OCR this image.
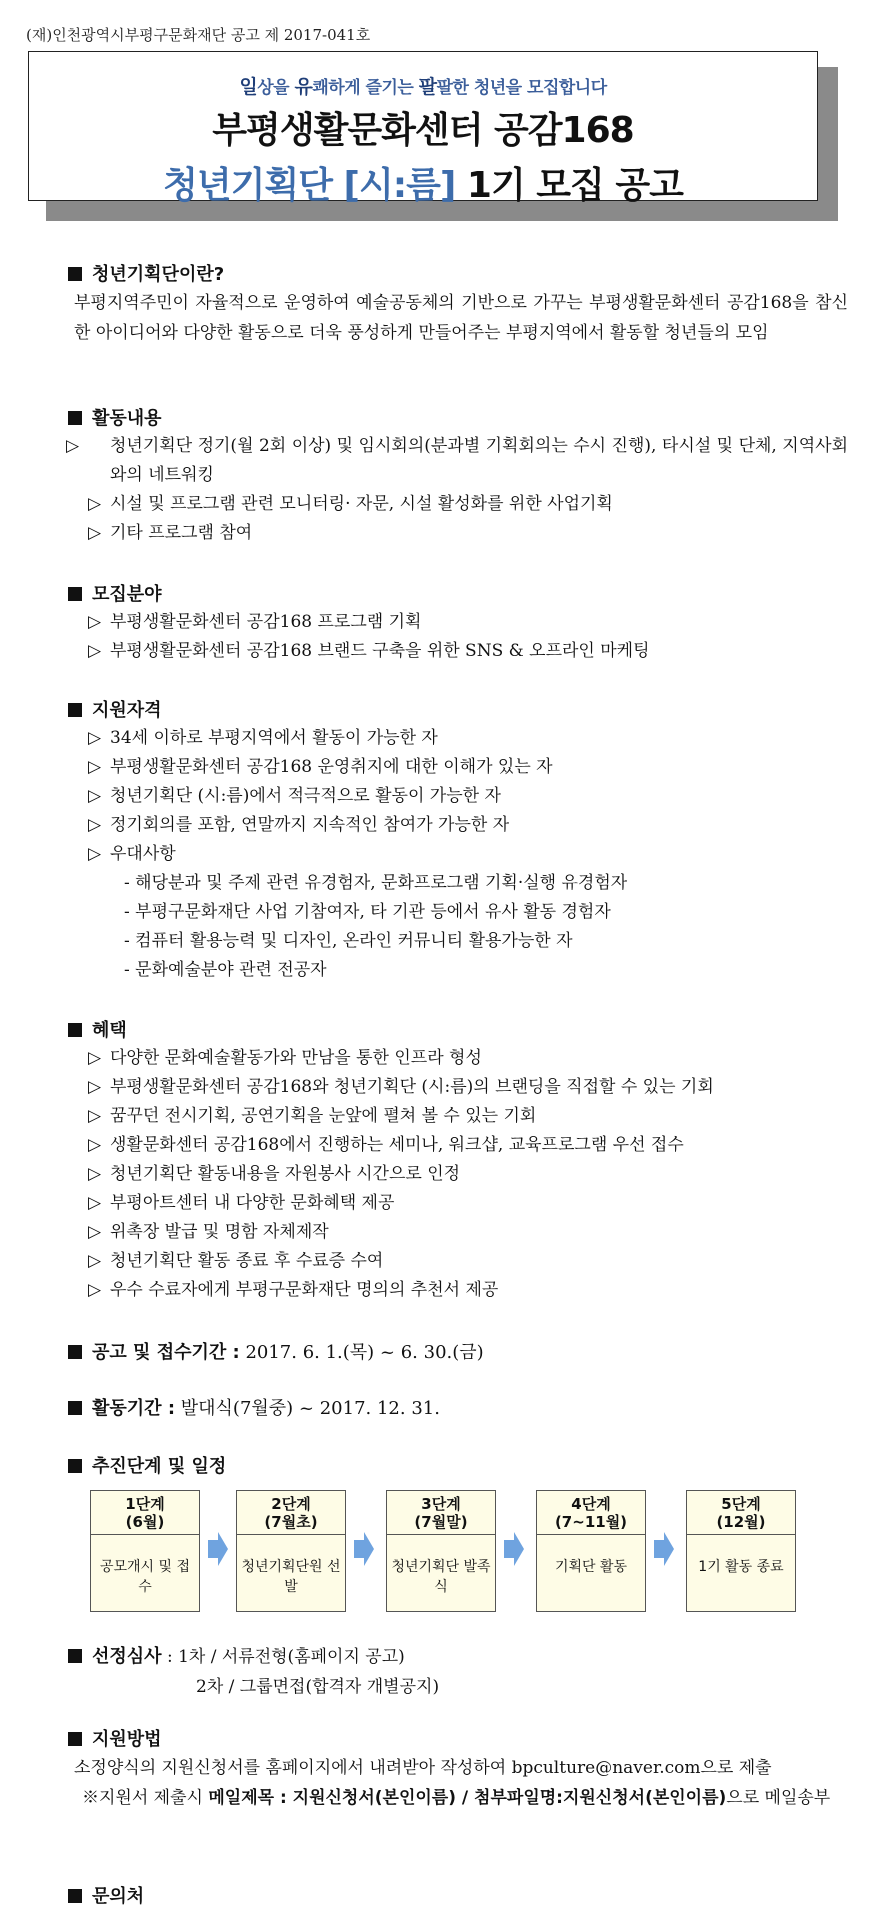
(재)인천광역시부평구문화재단 공고 제 2017-041호
일상을 유쾌하게 즐기는 팔팔한 청년을 모집합니다
부평생활문화센터 공감168
청년기획단 [시:름] 1기 모집 공고
청년기획단이란?
부평지역주민이 자율적으로 운영하여 예술공동체의 기반으로 가꾸는 부평생활문화센터 공감168을 참신한 아이디어와 다양한 활동으로 더욱 풍성하게 만들어주는 부평지역에서 활동할 청년들의 모임
활동내용
▷ 청년기획단 정기(월 2회 이상) 및 임시회의(분과별 기획회의는 수시 진행), 타시설 및 단체, 지역사회와의 네트워킹
▷ 시설 및 프로그램 관련 모니터링· 자문, 시설 활성화를 위한 사업기획
▷ 기타 프로그램 참여
모집분야
▷ 부평생활문화센터 공감168 프로그램 기획
▷ 부평생활문화센터 공감168 브랜드 구축을 위한 SNS & 오프라인 마케팅
지원자격
▷ 34세 이하로 부평지역에서 활동이 가능한 자
▷ 부평생활문화센터 공감168 운영취지에 대한 이해가 있는 자
▷ 청년기획단 (시:름)에서 적극적으로 활동이 가능한 자
▷ 정기회의를 포함, 연말까지 지속적인 참여가 가능한 자
▷ 우대사항
- 해당분과 및 주제 관련 유경험자, 문화프로그램 기획·실행 유경험자
- 부평구문화재단 사업 기참여자, 타 기관 등에서 유사 활동 경험자
- 컴퓨터 활용능력 및 디자인, 온라인 커뮤니티 활용가능한 자
- 문화예술분야 관련 전공자
혜택
▷ 다양한 문화예술활동가와 만남을 통한 인프라 형성
▷ 부평생활문화센터 공감168와 청년기획단 (시:름)의 브랜딩을 직접할 수 있는 기회
▷ 꿈꾸던 전시기획, 공연기획을 눈앞에 펼쳐 볼 수 있는 기회
▷ 생활문화센터 공감168에서 진행하는 세미나, 워크샵, 교육프로그램 우선 접수
▷ 청년기획단 활동내용을 자원봉사 시간으로 인정
▷ 부평아트센터 내 다양한 문화혜택 제공
▷ 위촉장 발급 및 명함 자체제작
▷ 청년기획단 활동 종료 후 수료증 수여
▷ 우수 수료자에게 부평구문화재단 명의의 추천서 제공
공고 및 접수기간 : 2017. 6. 1.(목) ~ 6. 30.(금)
활동기간 : 발대식(7월중) ~ 2017. 12. 31.
추진단계 및 일정
1단계
(6월)
공모개시 및 접수
2단계
(7월초)
청년기획단원 선발
3단계
(7월말)
청년기획단 발족식
4단계
(7~11월)
기획단 활동
5단계
(12월)
1기 활동 종료
선정심사 : 1차 / 서류전형(홈페이지 공고)
2차 / 그룹면접(합격자 개별공지)
지원방법
소정양식의 지원신청서를 홈페이지에서 내려받아 작성하여 bpculture@naver.com으로 제출
※지원서 제출시 메일제목 : 지원신청서(본인이름) / 첨부파일명:지원신청서(본인이름)으로 메일송부
문의처
